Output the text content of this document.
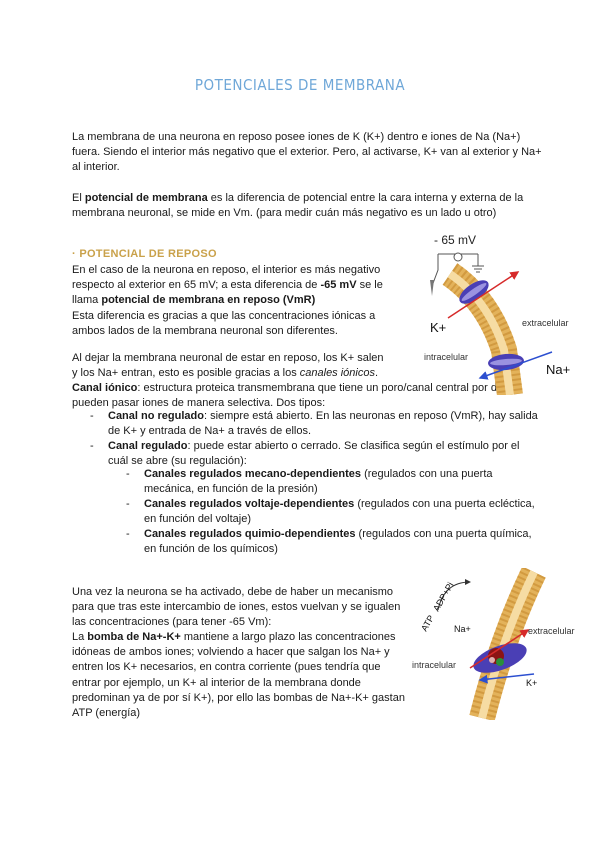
POTENCIALES DE MEMBRANA

La membrana de una neurona en reposo posee iones de K (K+) dentro e iones de Na (Na+) fuera. Siendo el interior más negativo que el exterior. Pero, al activarse, K+ van al exterior y Na+ al interior.

El potencial de membrana es la diferencia de potencial entre la cara interna y externa de la membrana neuronal, se mide en Vm. (para medir cuán más negativo es un lado u otro)

· POTENCIAL DE REPOSO

En el caso de la neurona en reposo, el interior es más negativo respecto al exterior en 65 mV; a esta diferencia de -65 mV se le llama potencial de membrana en reposo (VmR)
Esta diferencia es gracias a que las concentraciones iónicas a ambos lados de la membrana neuronal son diferentes.

Al dejar la membrana neuronal de estar en reposo, los K+ salen y los Na+ entran, esto es posible gracias a los canales iónicos.

Canal iónico: estructura proteica transmembrana que tiene un poro/canal central por donde pueden pasar iones de manera selectiva. Dos tipos:

- Canal no regulado: siempre está abierto. En las neuronas en reposo (VmR), hay salida de K+ y entrada de Na+ a través de ellos.
- Canal regulado: puede estar abierto o cerrado. Se clasifica según el estímulo por el cuál se abre (su regulación):
- Canales regulados mecano-dependientes (regulados con una puerta mecánica, en función de la presión)
- Canales regulados voltaje-dependientes (regulados con una puerta ecléctica, en función del voltaje)
- Canales regulados quimio-dependientes (regulados con una puerta química, en función de los químicos)

Una vez la neurona se ha activado, debe de haber un mecanismo para que tras este intercambio de iones, estos vuelvan y se igualen las concentraciones (para tener -65 Vm):

La bomba de Na+-K+ mantiene a largo plazo las concentraciones idóneas de ambos iones; volviendo a hacer que salgan los Na+ y entren los K+ necesarios, en contra corriente (pues tendría que entrar por ejemplo, un K+ al interior de la membrana donde predominan ya de por sí K+), por ello las bombas de Na+-K+ gastan ATP (energía)

- 65 mV
K+
Na+
extracelular
intracelular
ATP
ADP+Pi
Na+
K+
extracelular
intracelular
